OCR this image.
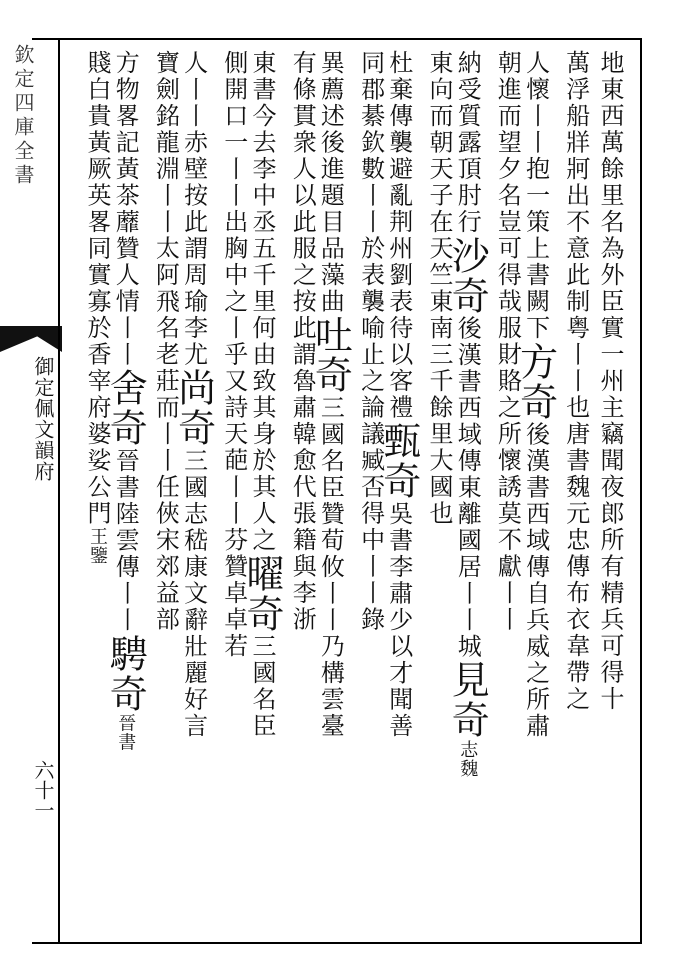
欽定四庫全書
御定佩文韻府
六十一
地東西萬餘里名為外臣實一州主竊聞夜郎所有精兵可得十
萬浮船牂牁出不意此制粤丨丨也唐書魏元忠傳布衣韋帶之
人懷丨丨抱一策上書闕下方奇後漢書西域傳自兵威之所肅
朝進而望夕名豈可得哉服財賂之所懷誘莫不獻丨丨
納受質露頂肘行沙奇後漢書西域傳東離國居丨丨城見奇志魏
東向而朝天子在天竺東南三千餘里大國也
杜棄傳襲避亂荆州劉表待以客禮甄奇吳書李肅少以才聞善
同郡綦欽數丨丨於表襲喻止之論議臧否得中丨丨錄
異薦述後進題目品藻曲吐奇三國名臣贊荀攸丨丨乃構雲臺
有條貫衆人以此服之按此謂魯肅韓愈代張籍與李浙
東書今去李中丞五千里何由致其身於其人之曜奇三國名臣
側開口一丨丨出胸中之丨乎又詩天葩丨丨芬贊卓卓若
人丨丨赤壁按此謂周瑜李尤尚奇三國志嵇康文辭壯麗好言
寶劍銘龍淵丨丨太阿飛名老莊而丨丨任俠宋郊益部
方物畧記黃茶蘼贊人情丨丨舍奇晉書陸雲傳丨丨騁奇晉書
賤白貴黃厥英畧同實寡於香宰府婆娑公門王鑒
